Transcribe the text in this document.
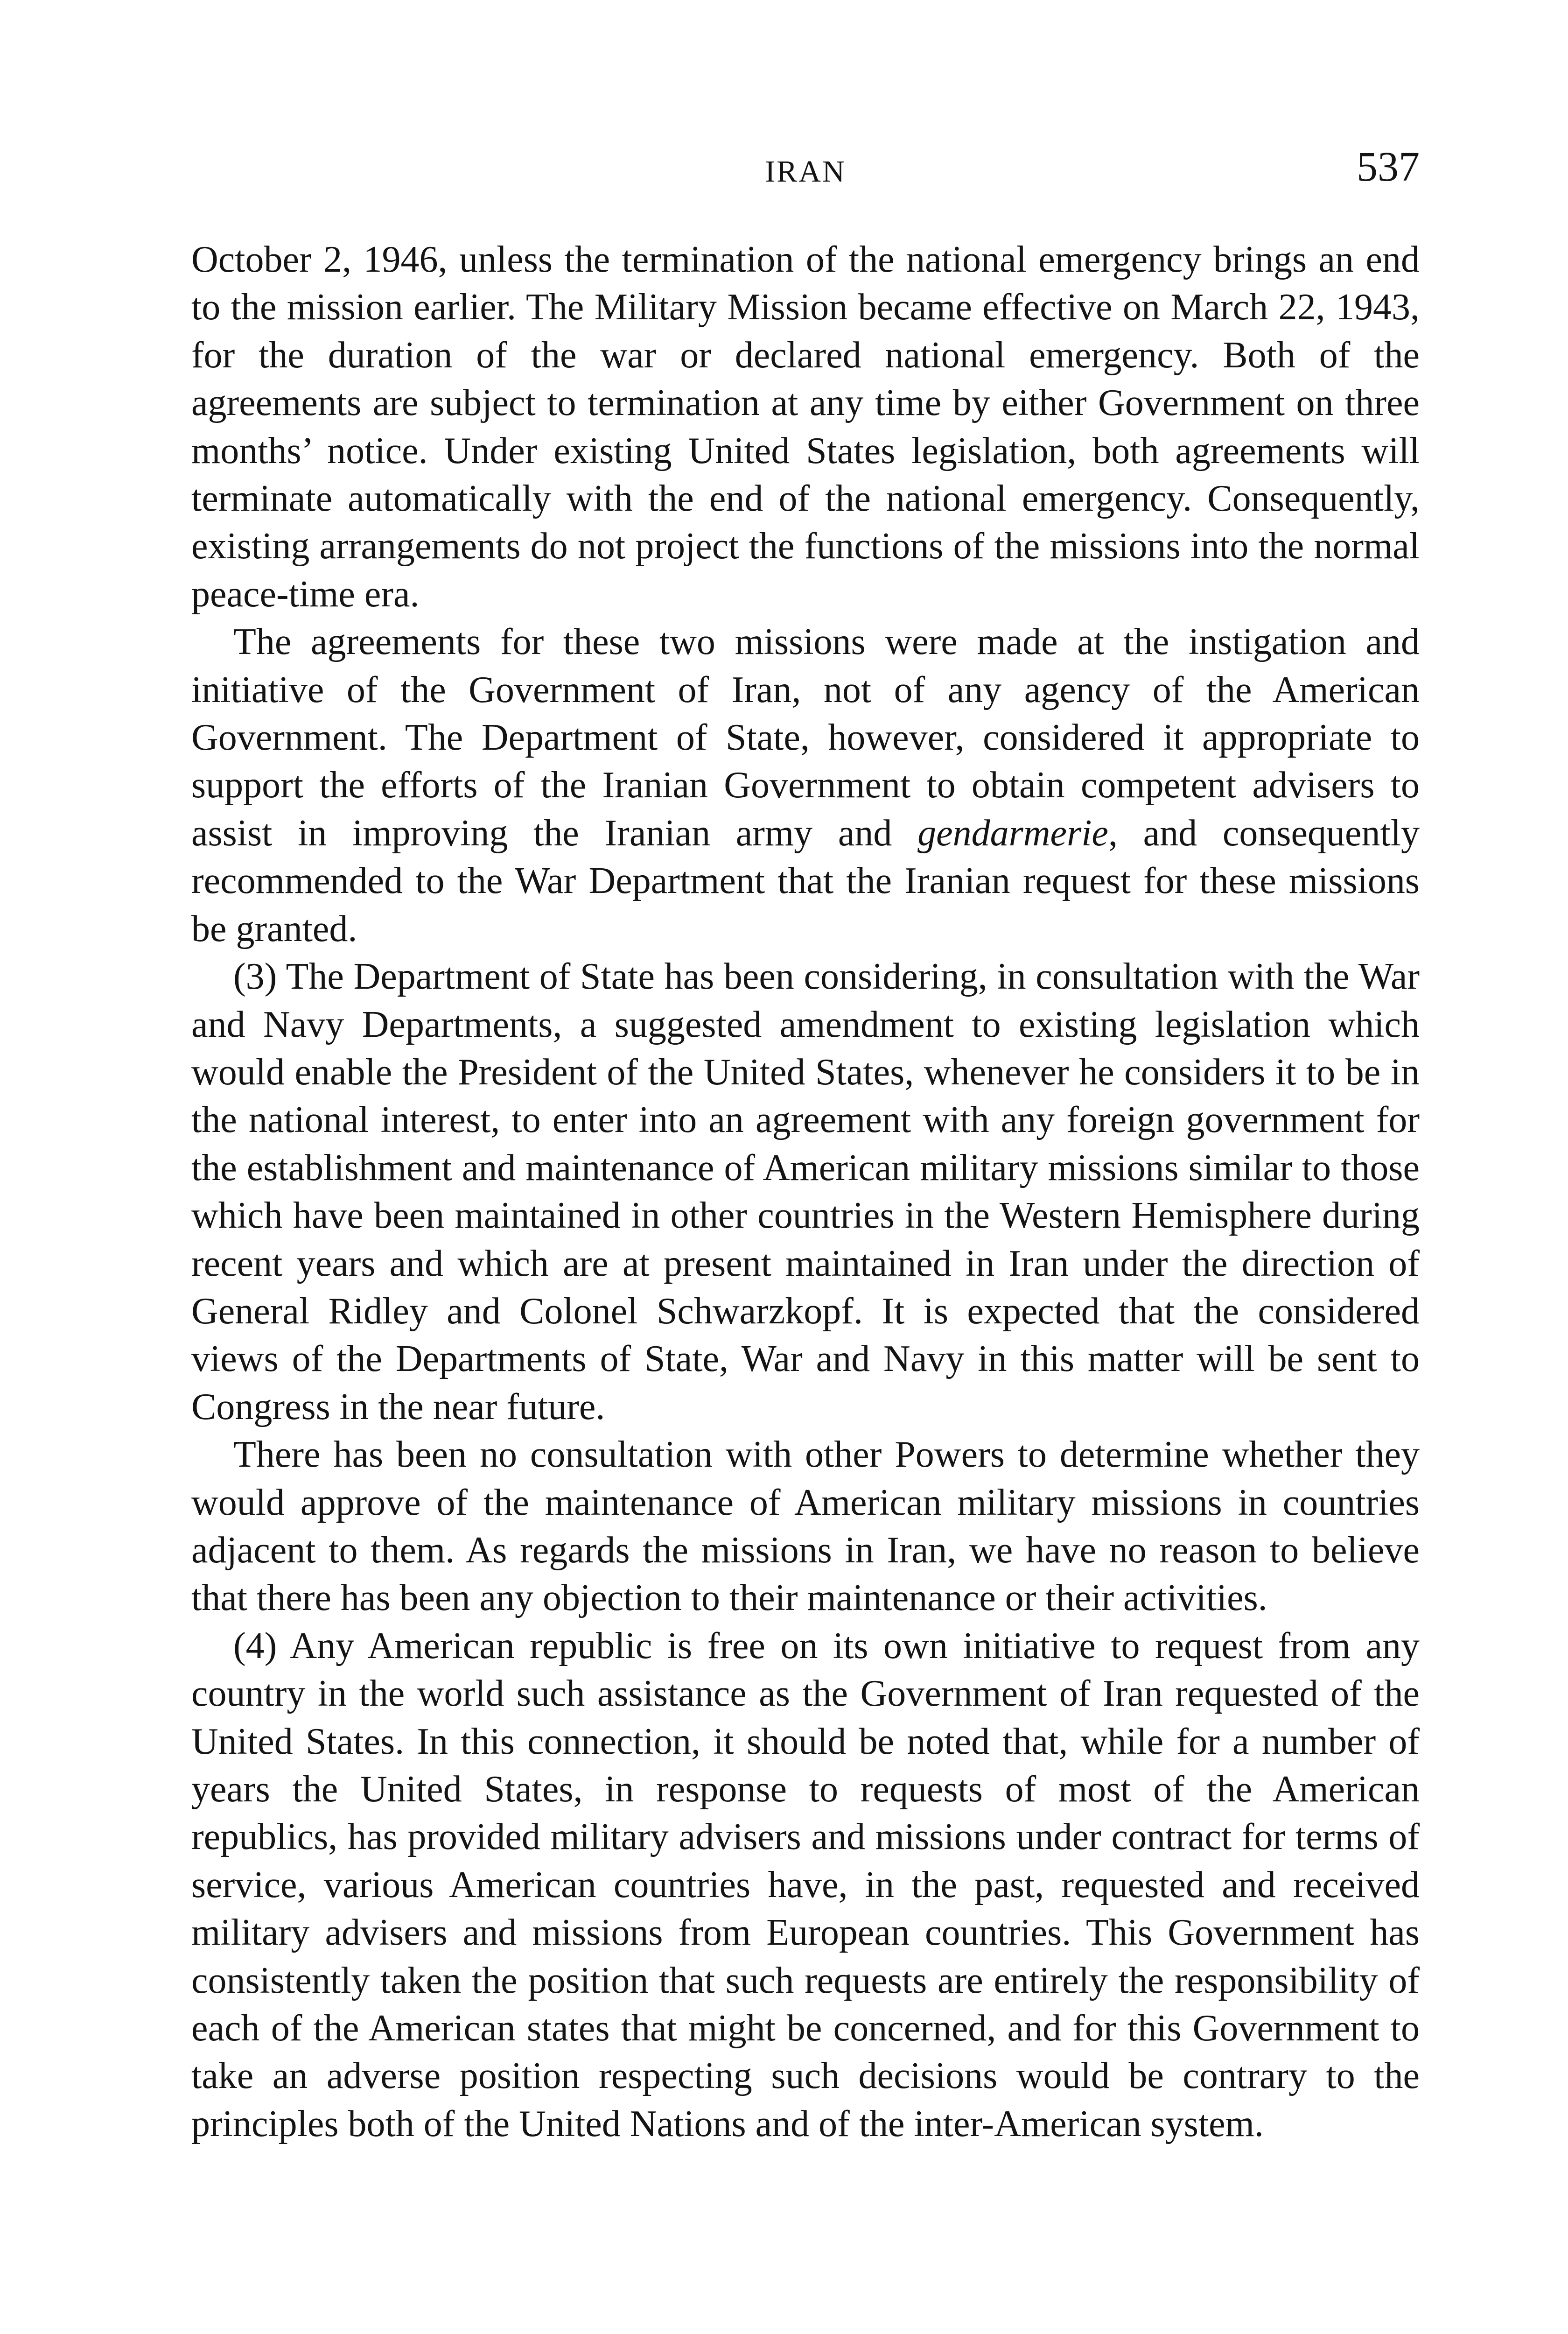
IRAN	537

October 2, 1946, unless the termination of the national emergency brings an end to the mission earlier. The Military Mission became effective on March 22, 1943, for the duration of the war or declared national emergency. Both of the agreements are subject to termination at any time by either Government on three months’ notice. Under existing United States legislation, both agreements will terminate automatically with the end of the national emergency. Consequently, existing arrangements do not project the functions of the missions into the normal peace-time era.

The agreements for these two missions were made at the instigation and initiative of the Government of Iran, not of any agency of the American Government. The Department of State, however, considered it appropriate to support the efforts of the Iranian Government to obtain competent advisers to assist in improving the Iranian army and gendarmerie, and consequently recommended to the War Department that the Iranian request for these missions be granted.

(3) The Department of State has been considering, in consultation with the War and Navy Departments, a suggested amendment to existing legislation which would enable the President of the United States, whenever he considers it to be in the national interest, to enter into an agreement with any foreign government for the establishment and maintenance of American military missions similar to those which have been maintained in other countries in the Western Hemisphere during recent years and which are at present maintained in Iran under the direction of General Ridley and Colonel Schwarzkopf. It is expected that the considered views of the Departments of State, War and Navy in this matter will be sent to Congress in the near future.

There has been no consultation with other Powers to determine whether they would approve of the maintenance of American military missions in countries adjacent to them. As regards the missions in Iran, we have no reason to believe that there has been any objection to their maintenance or their activities.

(4) Any American republic is free on its own initiative to request from any country in the world such assistance as the Government of Iran requested of the United States. In this connection, it should be noted that, while for a number of years the United States, in response to requests of most of the American republics, has provided military advisers and missions under contract for terms of service, various American countries have, in the past, requested and received military advisers and missions from European countries. This Government has consistently taken the position that such requests are entirely the responsibility of each of the American states that might be concerned, and for this Government to take an adverse position respecting such decisions would be contrary to the principles both of the United Nations and of the inter-American system.
